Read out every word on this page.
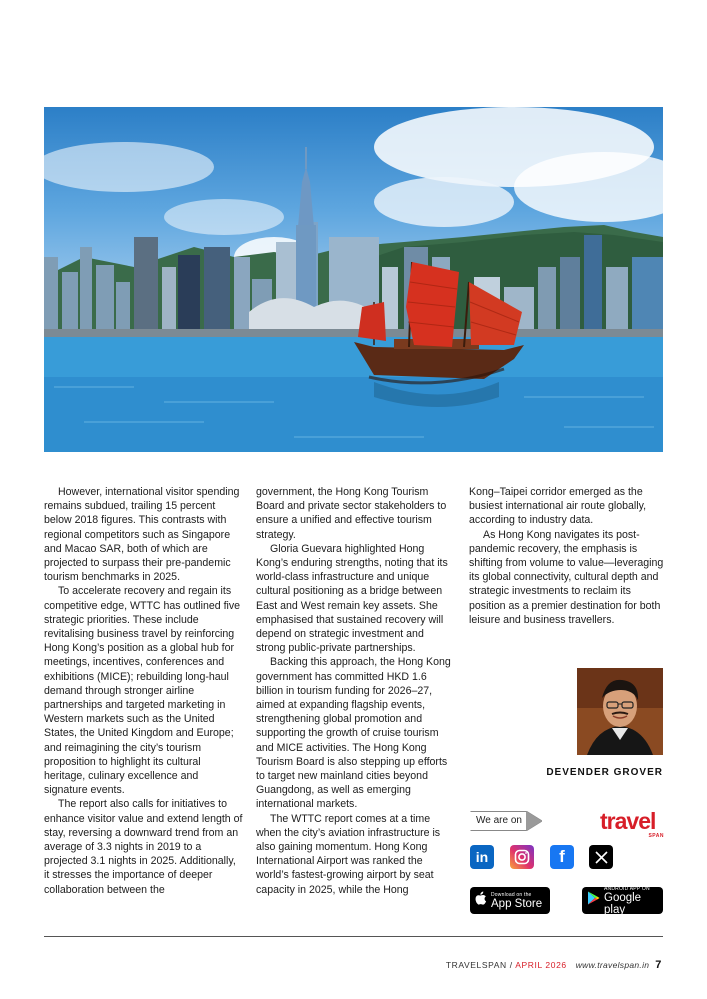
However, international visitor spending remains subdued, trailing 15 percent below 2018 figures. This contrasts with regional competitors such as Singapore and Macao SAR, both of which are projected to surpass their pre-pandemic tourism benchmarks in 2025.

To accelerate recovery and regain its competitive edge, WTTC has outlined five strategic priorities. These include revitalising business travel by reinforcing Hong Kong’s position as a global hub for meetings, incentives, conferences and exhibitions (MICE); rebuilding long-haul demand through stronger airline partnerships and targeted marketing in Western markets such as the United States, the United Kingdom and Europe; and reimagining the city’s tourism proposition to highlight its cultural heritage, culinary excellence and signature events.

The report also calls for initiatives to enhance visitor value and extend length of stay, reversing a downward trend from an average of 3.3 nights in 2019 to a projected 3.1 nights in 2025. Additionally, it stresses the importance of deeper collaboration between the

government, the Hong Kong Tourism Board and private sector stakeholders to ensure a unified and effective tourism strategy.

Gloria Guevara highlighted Hong Kong’s enduring strengths, noting that its world-class infrastructure and unique cultural positioning as a bridge between East and West remain key assets. She emphasised that sustained recovery will depend on strategic investment and strong public-private partnerships.

Backing this approach, the Hong Kong government has committed HKD 1.6 billion in tourism funding for 2026–27, aimed at expanding flagship events, strengthening global promotion and supporting the growth of cruise tourism and MICE activities. The Hong Kong Tourism Board is also stepping up efforts to target new mainland cities beyond Guangdong, as well as emerging international markets.

The WTTC report comes at a time when the city’s aviation infrastructure is also gaining momentum. Hong Kong International Airport was ranked the world’s fastest-growing airport by seat capacity in 2025, while the Hong

Kong–Taipei corridor emerged as the busiest international air route globally, according to industry data.

As Hong Kong navigates its post-pandemic recovery, the emphasis is shifting from volume to value—leveraging its global connectivity, cultural depth and strategic investments to reclaim its position as a premier destination for both leisure and business travellers.

DEVENDER GROVER
We are on	travel
SPAN
in	f
Download on the
App Store
ANDROID APP ON
Google play
TRAVELSPAN / APRIL 2026 www.travelspan.in 7
